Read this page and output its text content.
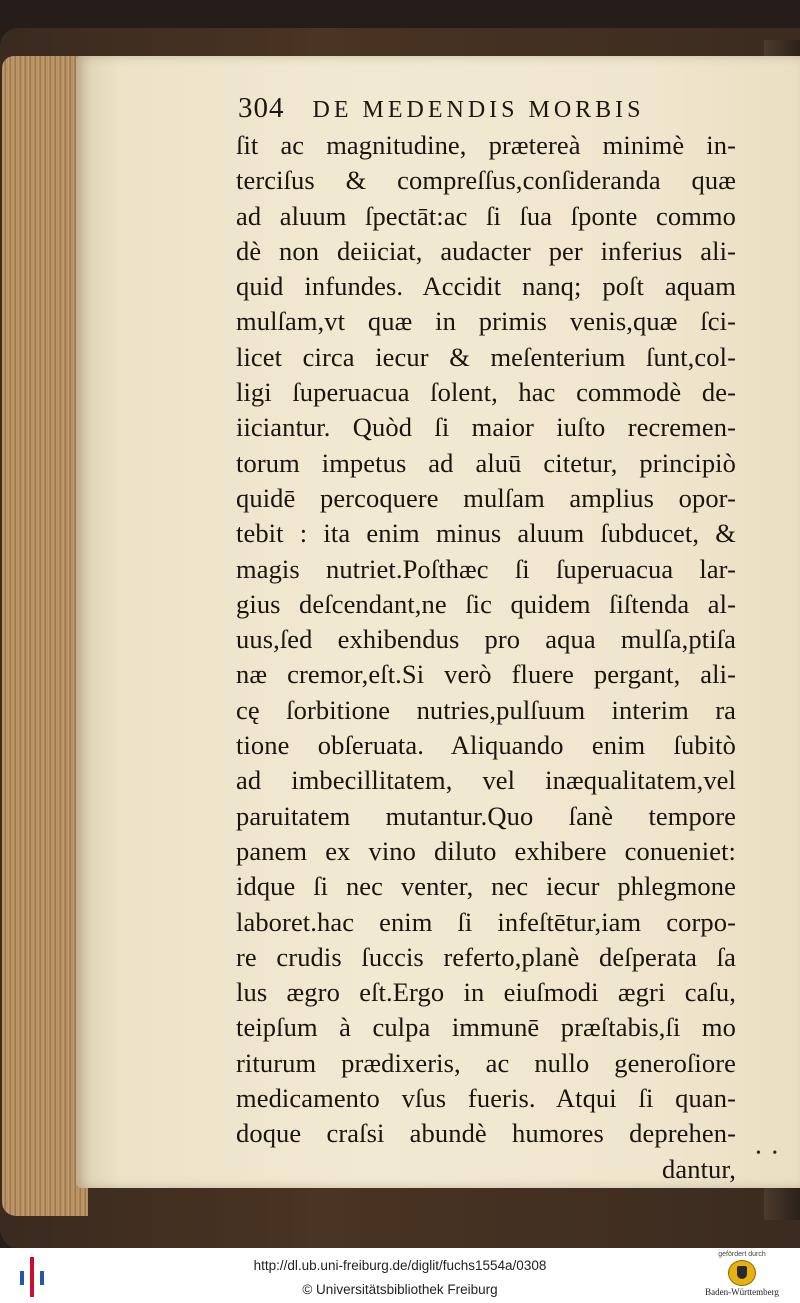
304 DE MEDENDIS MORBIS
ſit ac magnitudine, prætereà minimè in-
terciſus & compreſſus,conſideranda quæ
ad aluum ſpectāt:ac ſi ſua ſponte commo
dè non deiiciat, audacter per inferius ali-
quid infundes. Accidit nanq; poſt aquam
mulſam,vt quæ in primis venis,quæ ſci-
licet circa iecur & meſenterium ſunt,col-
ligi ſuperuacua ſolent, hac commodè de-
iiciantur. Quòd ſi maior iuſto recremen-
torum impetus ad aluū citetur, principiò
quidē percoquere mulſam amplius opor-
tebit : ita enim minus aluum ſubducet, &
magis nutriet.Poſthæc ſi ſuperuacua lar-
gius deſcendant,ne ſic quidem ſiſtenda al-
uus,ſed exhibendus pro aqua mulſa,ptiſa
næ cremor,eſt.Si verò fluere pergant, ali-
cę ſorbitione nutries,pulſuum interim ra
tione obſeruata. Aliquando enim ſubitò
ad imbecillitatem, vel inæqualitatem,vel
paruitatem mutantur.Quo ſanè tempore
panem ex vino diluto exhibere conueniet:
idque ſi nec venter, nec iecur phlegmone
laboret.hac enim ſi infeſtētur,iam corpo-
re crudis ſuccis referto,planè deſperata ſa
lus ægro eſt.Ergo in eiuſmodi ægri caſu,
teipſum à culpa immunē præſtabis,ſi mo
riturum prædixeris, ac nullo generoſiore
medicamento vſus fueris. Atqui ſi quan-
doque craſsi abundè humores deprehen-
dantur,
• •
http://dl.ub.uni-freiburg.de/diglit/fuchs1554a/0308
© Universitätsbibliothek Freiburg
gefördert durch
Baden-Württemberg
